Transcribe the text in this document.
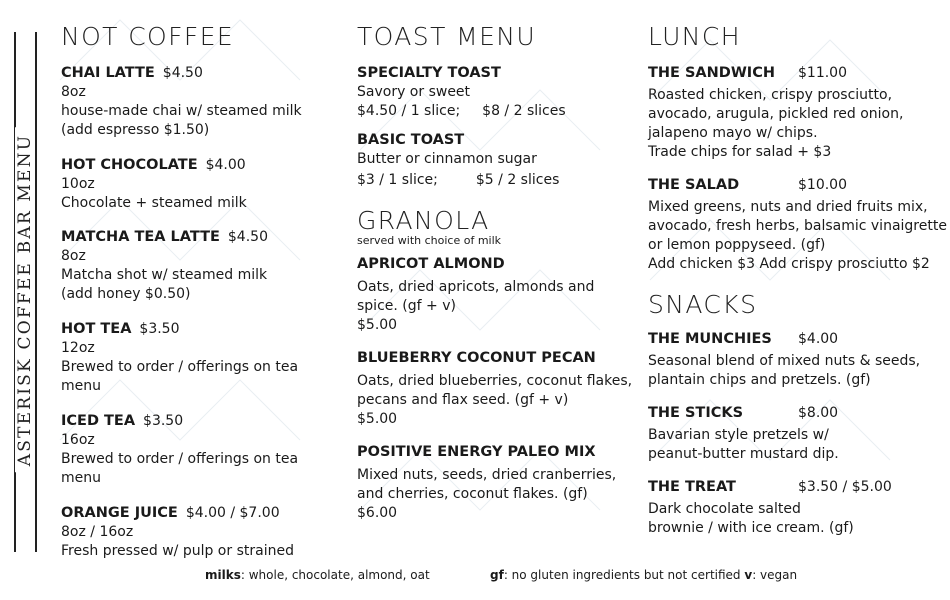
ASTERISK COFFEE BAR MENU
NOT COFFEE
CHAI LATTE $4.50
8oz
house-made chai w/ steamed milk
(add espresso $1.50)
HOT CHOCOLATE $4.00
10oz
Chocolate + steamed milk
MATCHA TEA LATTE $4.50
8oz
Matcha shot w/ steamed milk
(add honey $0.50)
HOT TEA $3.50
12oz
Brewed to order / offerings on tea menu
ICED TEA $3.50
16oz
Brewed to order / offerings on tea menu
ORANGE JUICE $4.00 / $7.00
8oz / 16oz
Fresh pressed w/ pulp or strained
TOAST MENU
SPECIALTY TOAST
Savory or sweet
$4.50 / 1 slice; $8 / 2 slices
BASIC TOAST
Butter or cinnamon sugar
$3 / 1 slice;	$5 / 2 slices
GRANOLA
served with choice of milk
APRICOT ALMOND
Oats, dried apricots, almonds and
spice. (gf + v)
$5.00
BLUEBERRY COCONUT PECAN
Oats, dried blueberries, coconut flakes,
pecans and flax seed. (gf + v)
$5.00
POSITIVE ENERGY PALEO MIX
Mixed nuts, seeds, dried cranberries,
and cherries, coconut flakes. (gf)
$6.00
LUNCH
THE SANDWICH $11.00
Roasted chicken, crispy prosciutto,
avocado, arugula, pickled red onion,
jalapeno mayo w/ chips.
Trade chips for salad + $3
THE SALAD	$10.00
Mixed greens, nuts and dried fruits mix,
avocado, fresh herbs, balsamic vinaigrette
or lemon poppyseed. (gf)
Add chicken $3 Add crispy prosciutto $2
SNACKS
THE MUNCHIES $4.00
Seasonal blend of mixed nuts & seeds,
plantain chips and pretzels. (gf)
THE STICKS	$8.00
Bavarian style pretzels w/
peanut-butter mustard dip.
THE TREAT	$3.50 / $5.00
Dark chocolate salted
brownie / with ice cream. (gf)
milks: whole, chocolate, almond, oat	gf: no gluten ingredients but not certified v: vegan
